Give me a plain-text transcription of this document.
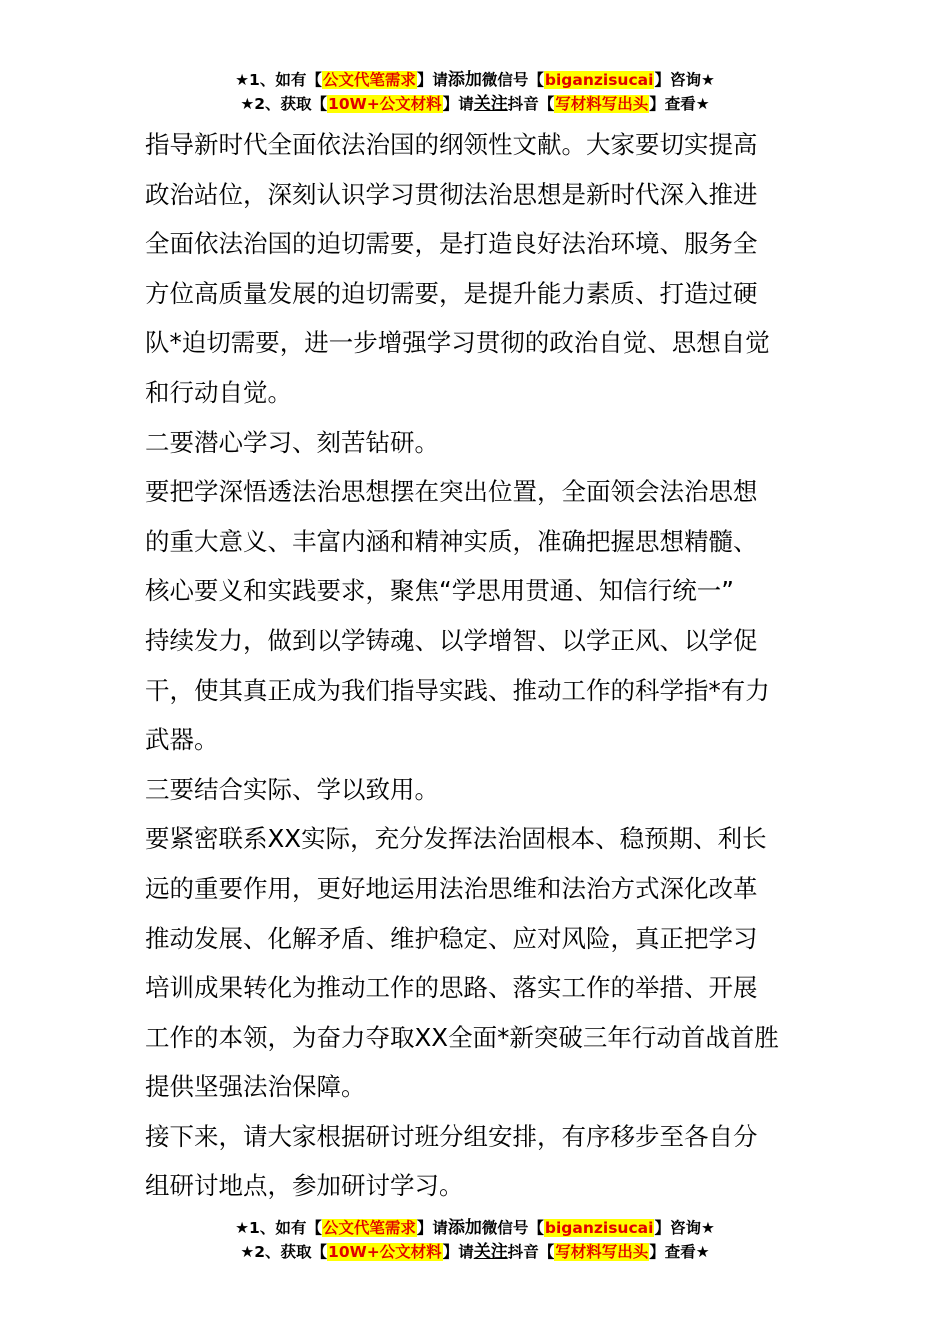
★1、如有【公文代笔需求】请添加微信号【biganzisucai】咨询★
★2、获取【10W+公文材料】请关注抖音【写材料写出头】查看★

指导新时代全面依法治国的纲领性文献。大家要切实提高

政治站位，深刻认识学习贯彻法治思想是新时代深入推进

全面依法治国的迫切需要，是打造良好法治环境、服务全

方位高质量发展的迫切需要，是提升能力素质、打造过硬

队*迫切需要，进一步增强学习贯彻的政治自觉、思想自觉

和行动自觉。

二要潜心学习、刻苦钻研。

要把学深悟透法治思想摆在突出位置，全面领会法治思想

的重大意义、丰富内涵和精神实质，准确把握思想精髓、

核心要义和实践要求，聚焦“学思用贯通、知信行统一”

持续发力，做到以学铸魂、以学增智、以学正风、以学促

干，使其真正成为我们指导实践、推动工作的科学指*有力

武器。

三要结合实际、学以致用。

要紧密联系XX实际，充分发挥法治固根本、稳预期、利长

远的重要作用，更好地运用法治思维和法治方式深化改革

推动发展、化解矛盾、维护稳定、应对风险，真正把学习

培训成果转化为推动工作的思路、落实工作的举措、开展

工作的本领，为奋力夺取XX全面*新突破三年行动首战首胜

提供坚强法治保障。

接下来，请大家根据研讨班分组安排，有序移步至各自分

组研讨地点，参加研讨学习。

★1、如有【公文代笔需求】请添加微信号【biganzisucai】咨询★
★2、获取【10W+公文材料】请关注抖音【写材料写出头】查看★
